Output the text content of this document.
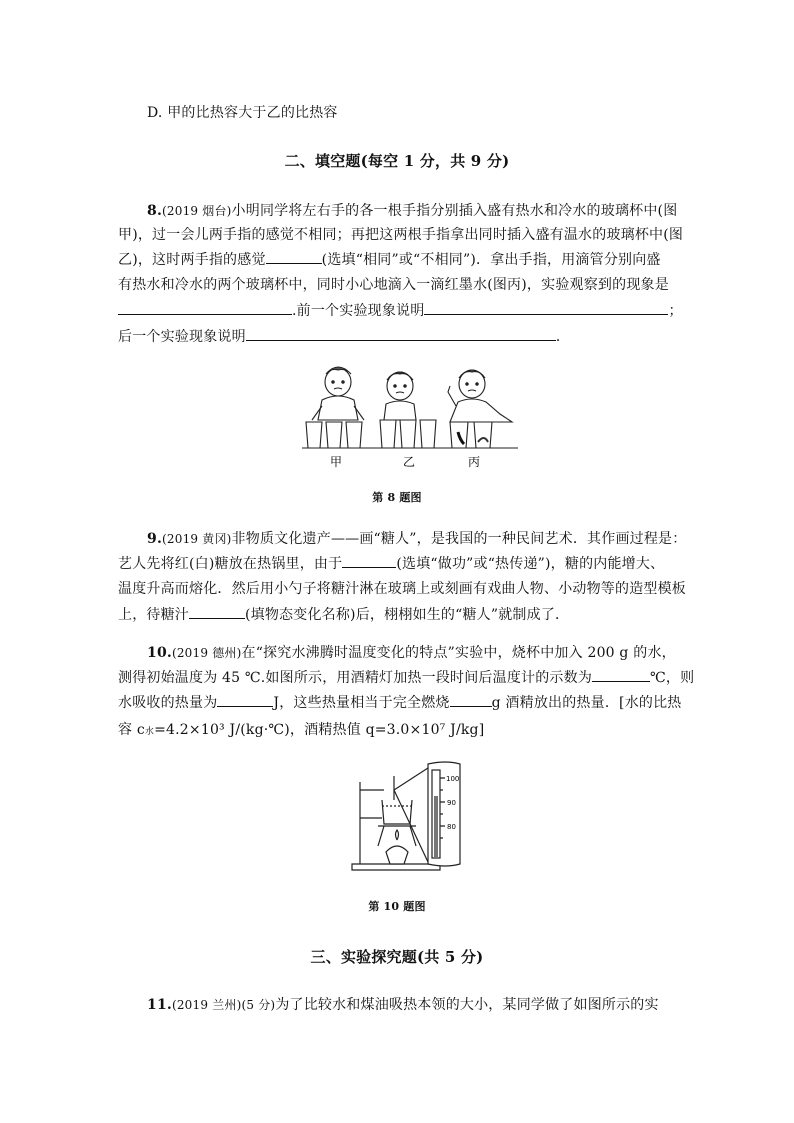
D. 甲的比热容大于乙的比热容
二、填空题(每空 1 分，共 9 分)
8.(2019 烟台)小明同学将左右手的各一根手指分别插入盛有热水和冷水的玻璃杯中(图
甲)，过一会儿两手指的感觉不相同；再把这两根手指拿出同时插入盛有温水的玻璃杯中(图
乙)，这时两手指的感觉	(选填“相同”或“不相同”)．拿出手指，用滴管分别向盛
有热水和冷水的两个玻璃杯中，同时小心地滴入一滴红墨水(图丙)，实验观察到的现象是
.前一个实验现象说明	；
后一个实验现象说明	．
甲	乙	丙
第 8 题图
9.(2019 黄冈)非物质文化遗产——画“糖人”，是我国的一种民间艺术．其作画过程是：
艺人先将红(白)糖放在热锅里，由于	(选填“做功”或“热传递”)，糖的内能增大、
温度升高而熔化．然后用小勺子将糖汁淋在玻璃上或刻画有戏曲人物、小动物等的造型模板
上，待糖汁	(填物态变化名称)后，栩栩如生的“糖人”就制成了．
10.(2019 德州)在“探究水沸腾时温度变化的特点”实验中，烧杯中加入 200 g 的水，
测得初始温度为 45 ℃.如图所示，用酒精灯加热一段时间后温度计的示数为	℃，则
水吸收的热量为	J，这些热量相当于完全燃烧	g 酒精放出的热量．[水的比热
容 c水=4.2×10³ J/(kg·℃)，酒精热值 q=3.0×10⁷ J/kg]
100
90
80
第 10 题图
三、实验探究题(共 5 分)
11.(2019 兰州)(5 分)为了比较水和煤油吸热本领的大小，某同学做了如图所示的实
